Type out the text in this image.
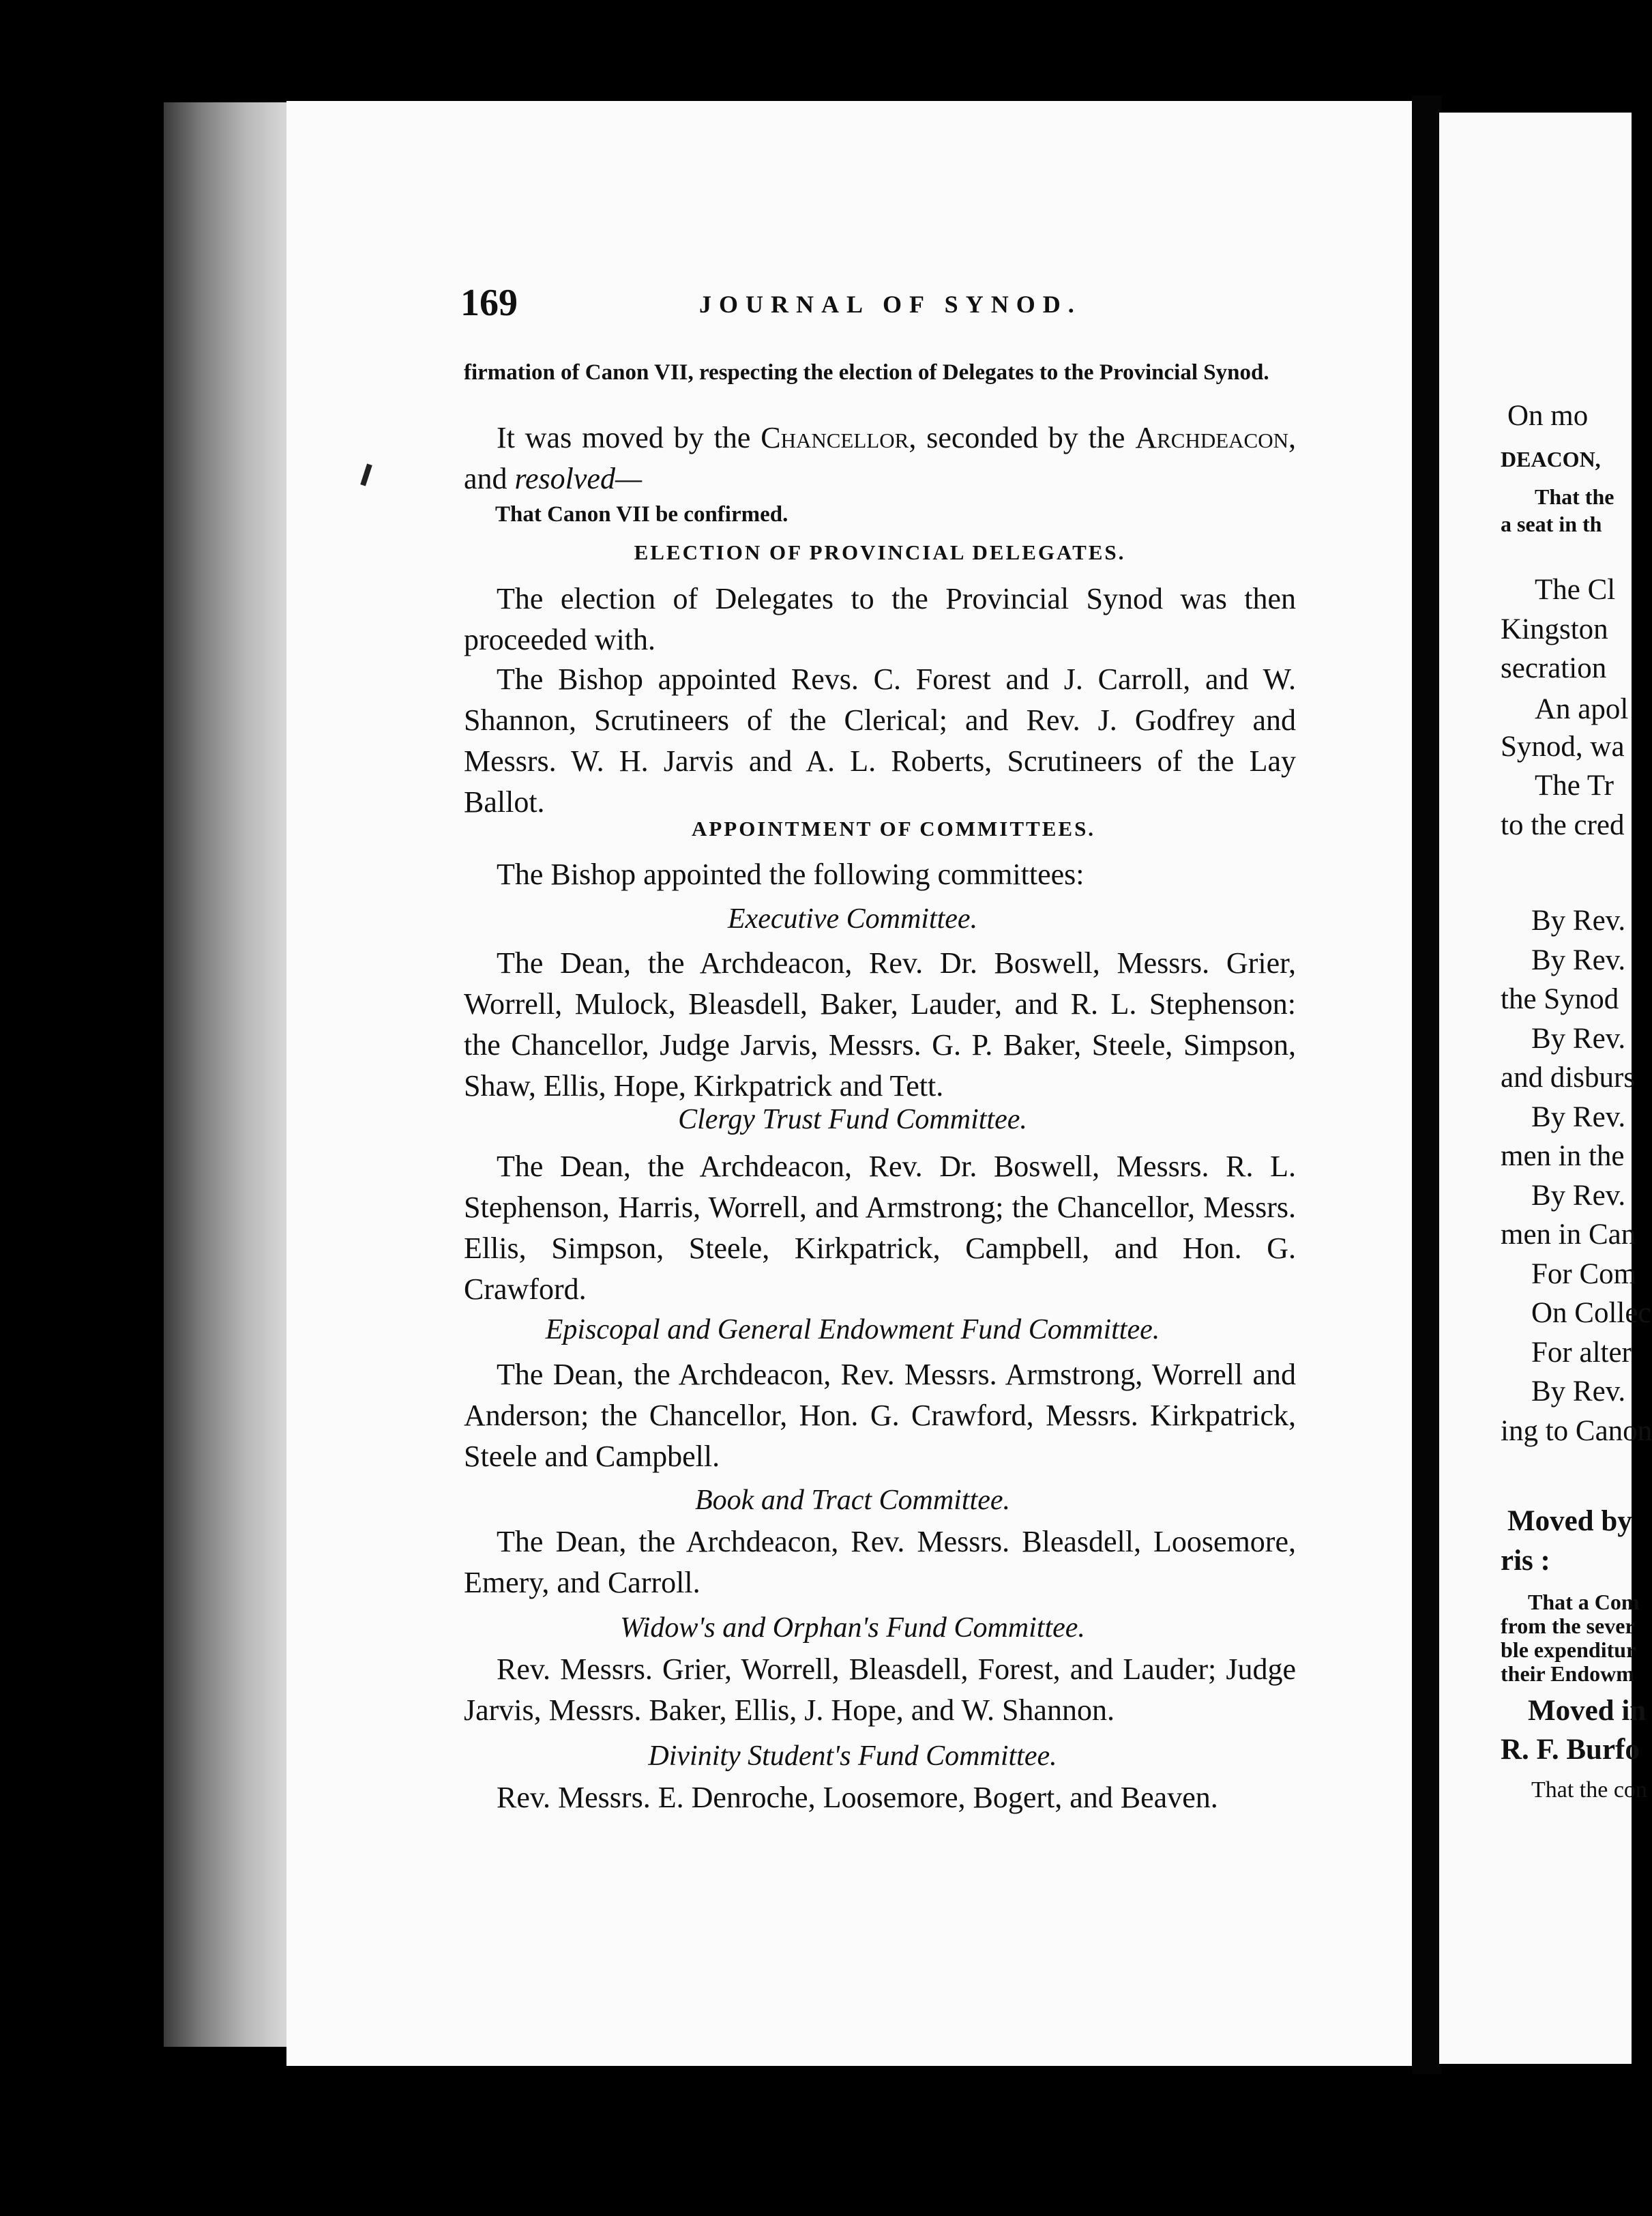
169	JOURNAL OF SYNOD.

firmation of Canon VII, respecting the election of Delegates to the Provincial Synod.

It was moved by the Chancellor, seconded by the Archdeacon, and resolved—

That Canon VII be confirmed.

ELECTION OF PROVINCIAL DELEGATES.

The election of Delegates to the Provincial Synod was then proceeded with.

The Bishop appointed Revs. C. Forest and J. Carroll, and W. Shannon, Scrutineers of the Clerical; and Rev. J. Godfrey and Messrs. W. H. Jarvis and A. L. Roberts, Scrutineers of the Lay Ballot.

APPOINTMENT OF COMMITTEES.

The Bishop appointed the following committees:

Executive Committee.

The Dean, the Archdeacon, Rev. Dr. Boswell, Messrs. Grier, Worrell, Mulock, Bleasdell, Baker, Lauder, and R. L. Stephenson: the Chancellor, Judge Jarvis, Messrs. G. P. Baker, Steele, Simpson, Shaw, Ellis, Hope, Kirkpatrick and Tett.

Clergy Trust Fund Committee.

The Dean, the Archdeacon, Rev. Dr. Boswell, Messrs. R. L. Stephenson, Harris, Worrell, and Armstrong; the Chancellor, Messrs. Ellis, Simpson, Steele, Kirkpatrick, Campbell, and Hon. G. Crawford.

Episcopal and General Endowment Fund Committee.

The Dean, the Archdeacon, Rev. Messrs. Armstrong, Worrell and Anderson; the Chancellor, Hon. G. Crawford, Messrs. Kirkpatrick, Steele and Campbell.

Book and Tract Committee.

The Dean, the Archdeacon, Rev. Messrs. Bleasdell, Loosemore, Emery, and Carroll.

Widow's and Orphan's Fund Committee.

Rev. Messrs. Grier, Worrell, Bleasdell, Forest, and Lauder; Judge Jarvis, Messrs. Baker, Ellis, J. Hope, and W. Shannon.

Divinity Student's Fund Committee.

Rev. Messrs. E. Denroche, Loosemore, Bogert, and Beaven.

On mo
DEACON,
That the
a seat in th
The Cl
Kingston
secration
An apol
Synod, wa
The Tr
to the cred
By Rev.
By Rev.
the Synod
By Rev.
and disburs
By Rev.
men in the
By Rev.
men in Can
For Com
On Collec
For alter
By Rev.
ing to Canon
Moved by
ris :
That a Com
from the sever
ble expenditur
their Endowm
Moved in
R. F. Burfo
That the con
